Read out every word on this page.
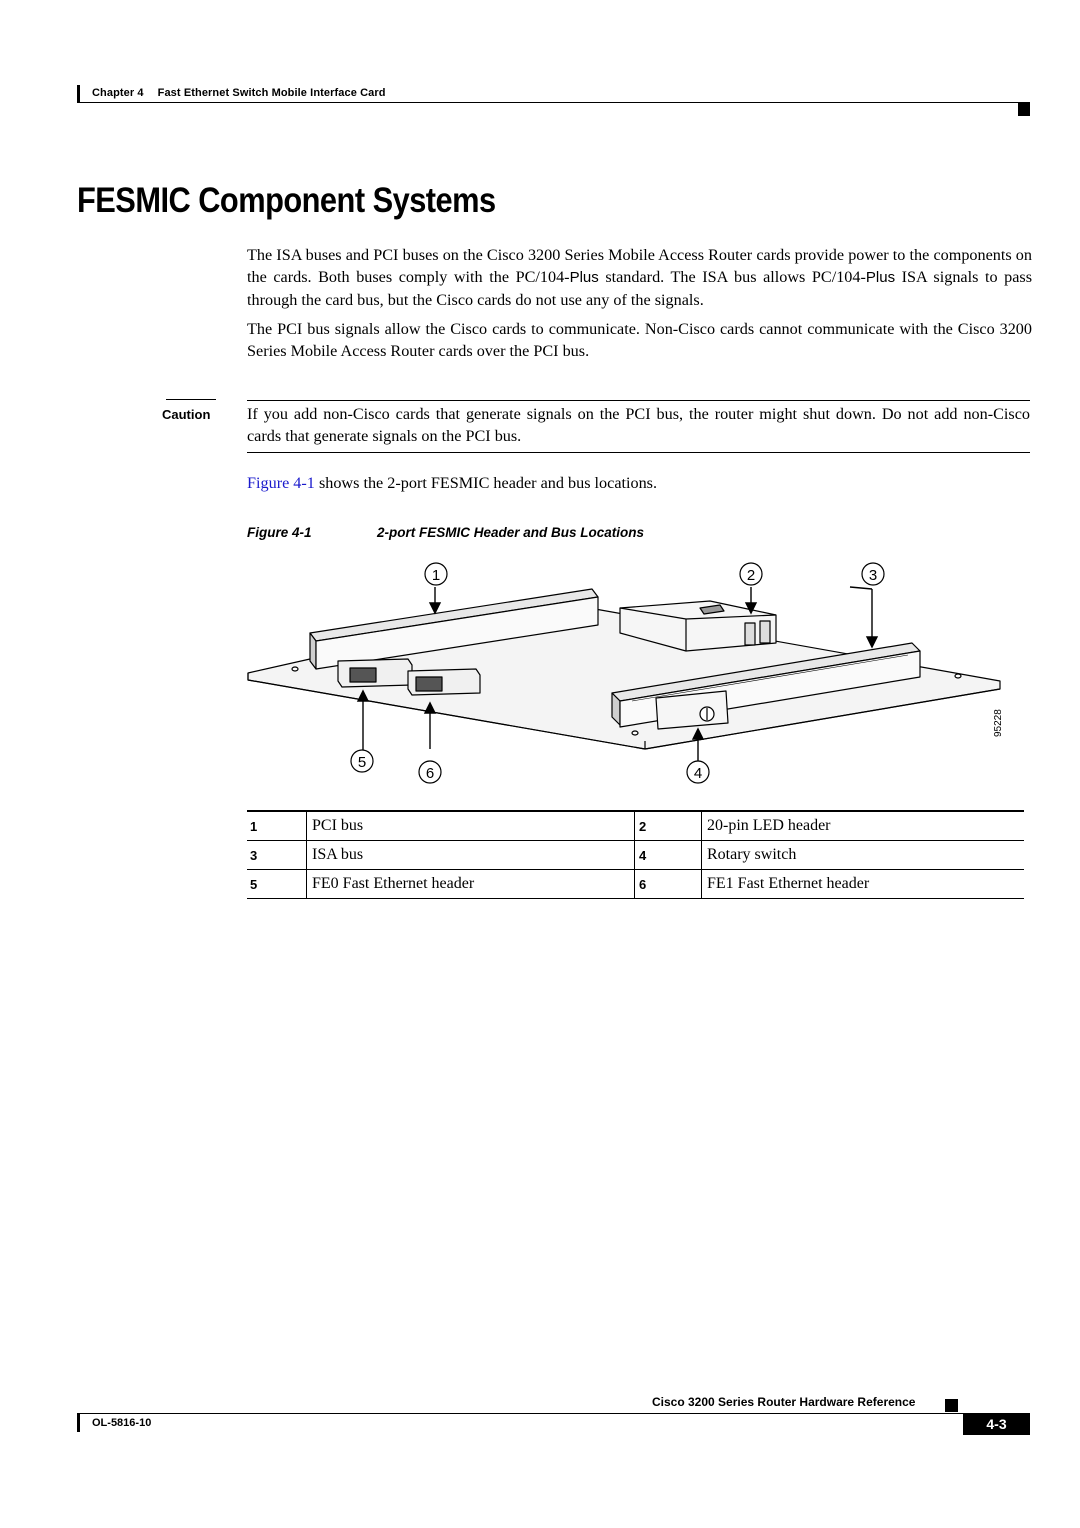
Chapter 4 Fast Ethernet Switch Mobile Interface Card
FESMIC Component Systems
The ISA buses and PCI buses on the Cisco 3200 Series Mobile Access Router cards provide power to the components on the cards. Both buses comply with the PC/104-Plus standard. The ISA bus allows PC/104-Plus ISA signals to pass through the card bus, but the Cisco cards do not use any of the signals.
The PCI bus signals allow the Cisco cards to communicate. Non-Cisco cards cannot communicate with the Cisco 3200 Series Mobile Access Router cards over the PCI bus.
Caution If you add non-Cisco cards that generate signals on the PCI bus, the router might shut down. Do not add non-Cisco cards that generate signals on the PCI bus.
Figure 4-1 shows the 2-port FESMIC header and bus locations.
Figure 4-1	2-port FESMIC Header and Bus Locations
1	2	3
4
5
6
95228
1	PCI bus	2	20-pin LED header
3	ISA bus	4	Rotary switch
5	FE0 Fast Ethernet header	6	FE1 Fast Ethernet header
Cisco 3200 Series Router Hardware Reference
OL-5816-10	4-3
